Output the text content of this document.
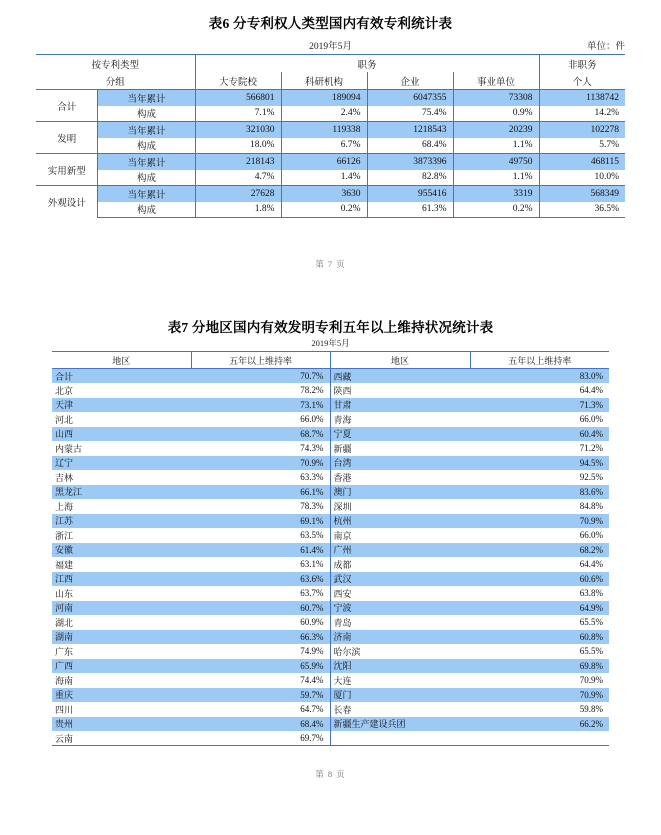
表6 分专利权人类型国内有效专利统计表
2019年5月	单位：件
按专利类型		职务				非职务
分组		大专院校	科研机构	企业	事业单位	个人
合计	当年累计	566801	189094	6047355	73308	1138742
	构成	7.1%	2.4%	75.4%	0.9%	14.2%
发明	当年累计	321030	119338	1218543	20239	102278
	构成	18.0%	6.7%	68.4%	1.1%	5.7%
实用新型	当年累计	218143	66126	3873396	49750	468115
	构成	4.7%	1.4%	82.8%	1.1%	10.0%
外观设计	当年累计	27628	3630	955416	3319	568349
	构成	1.8%	0.2%	61.3%	0.2%	36.5%
第 7 页
表7 分地区国内有效发明专利五年以上维持状况统计表
2019年5月
地区	五年以上维持率	地区	五年以上维持率
合计	70.7%	西藏	83.0%
北京	78.2%	陕西	64.4%
天津	73.1%	甘肃	71.3%
河北	66.0%	青海	66.0%
山西	68.7%	宁夏	60.4%
内蒙古	74.3%	新疆	71.2%
辽宁	70.9%	台湾	94.5%
吉林	63.3%	香港	92.5%
黑龙江	66.1%	澳门	83.6%
上海	78.3%	深圳	84.8%
江苏	69.1%	杭州	70.9%
浙江	63.5%	南京	66.0%
安徽	61.4%	广州	68.2%
福建	63.1%	成都	64.4%
江西	63.6%	武汉	60.6%
山东	63.7%	西安	63.8%
河南	60.7%	宁波	64.9%
湖北	60.9%	青岛	65.5%
湖南	66.3%	济南	60.8%
广东	74.9%	哈尔滨	65.5%
广西	65.9%	沈阳	69.8%
海南	74.4%	大连	70.9%
重庆	59.7%	厦门	70.9%
四川	64.7%	长春	59.8%
贵州	68.4%	新疆生产建设兵团	66.2%
云南	69.7%		
第 8 页
